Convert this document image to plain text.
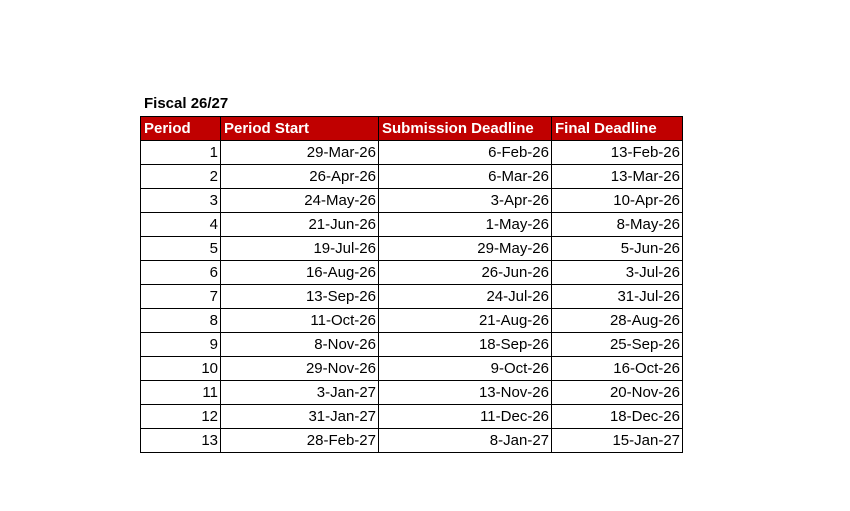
Fiscal 26/27
Period	Period Start	Submission Deadline	Final Deadline
1	29-Mar-26	6-Feb-26	13-Feb-26
2	26-Apr-26	6-Mar-26	13-Mar-26
3	24-May-26	3-Apr-26	10-Apr-26
4	21-Jun-26	1-May-26	8-May-26
5	19-Jul-26	29-May-26	5-Jun-26
6	16-Aug-26	26-Jun-26	3-Jul-26
7	13-Sep-26	24-Jul-26	31-Jul-26
8	11-Oct-26	21-Aug-26	28-Aug-26
9	8-Nov-26	18-Sep-26	25-Sep-26
10	29-Nov-26	9-Oct-26	16-Oct-26
11	3-Jan-27	13-Nov-26	20-Nov-26
12	31-Jan-27	11-Dec-26	18-Dec-26
13	28-Feb-27	8-Jan-27	15-Jan-27
